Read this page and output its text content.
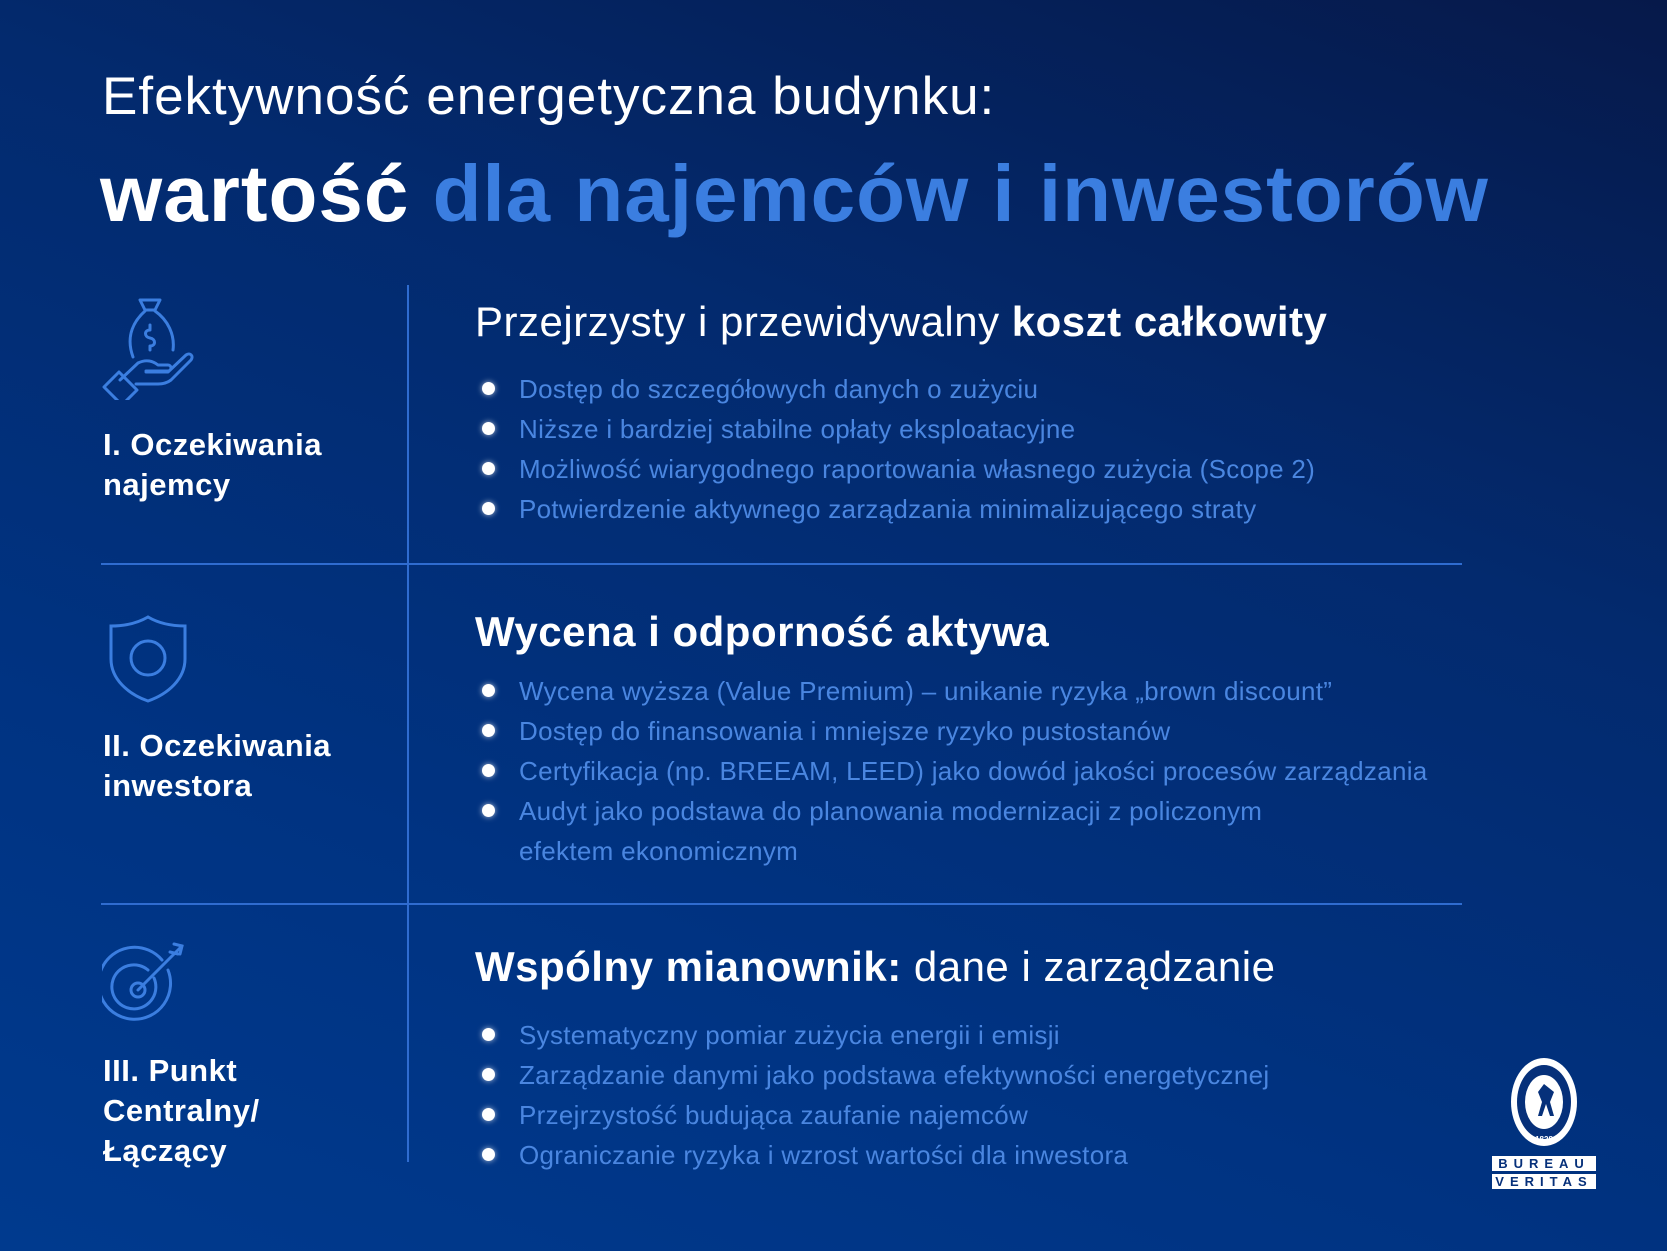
Efektywność energetyczna budynku:
wartość dla najemców i inwestorów
I. Oczekiwania
najemcy
Przejrzysty i przewidywalny koszt całkowity
Dostęp do szczegółowych danych o zużyciu
Niższe i bardziej stabilne opłaty eksploatacyjne
Możliwość wiarygodnego raportowania własnego zużycia (Scope 2)
Potwierdzenie aktywnego zarządzania minimalizującego straty
II. Oczekiwania
inwestora
Wycena i odporność aktywa
Wycena wyższa (Value Premium) – unikanie ryzyka „brown discount”
Dostęp do finansowania i mniejsze ryzyko pustostanów
Certyfikacja (np. BREEAM, LEED) jako dowód jakości procesów zarządzania
Audyt jako podstawa do planowania modernizacji z policzonym
efektem ekonomicznym
III. Punkt
Centralny/
Łączący
Wspólny mianownik: dane i zarządzanie
Systematyczny pomiar zużycia energii i emisji
Zarządzanie danymi jako podstawa efektywności energetycznej
Przejrzystość budująca zaufanie najemców
Ograniczanie ryzyka i wzrost wartości dla inwestora
1828
BUREAU
VERITAS
